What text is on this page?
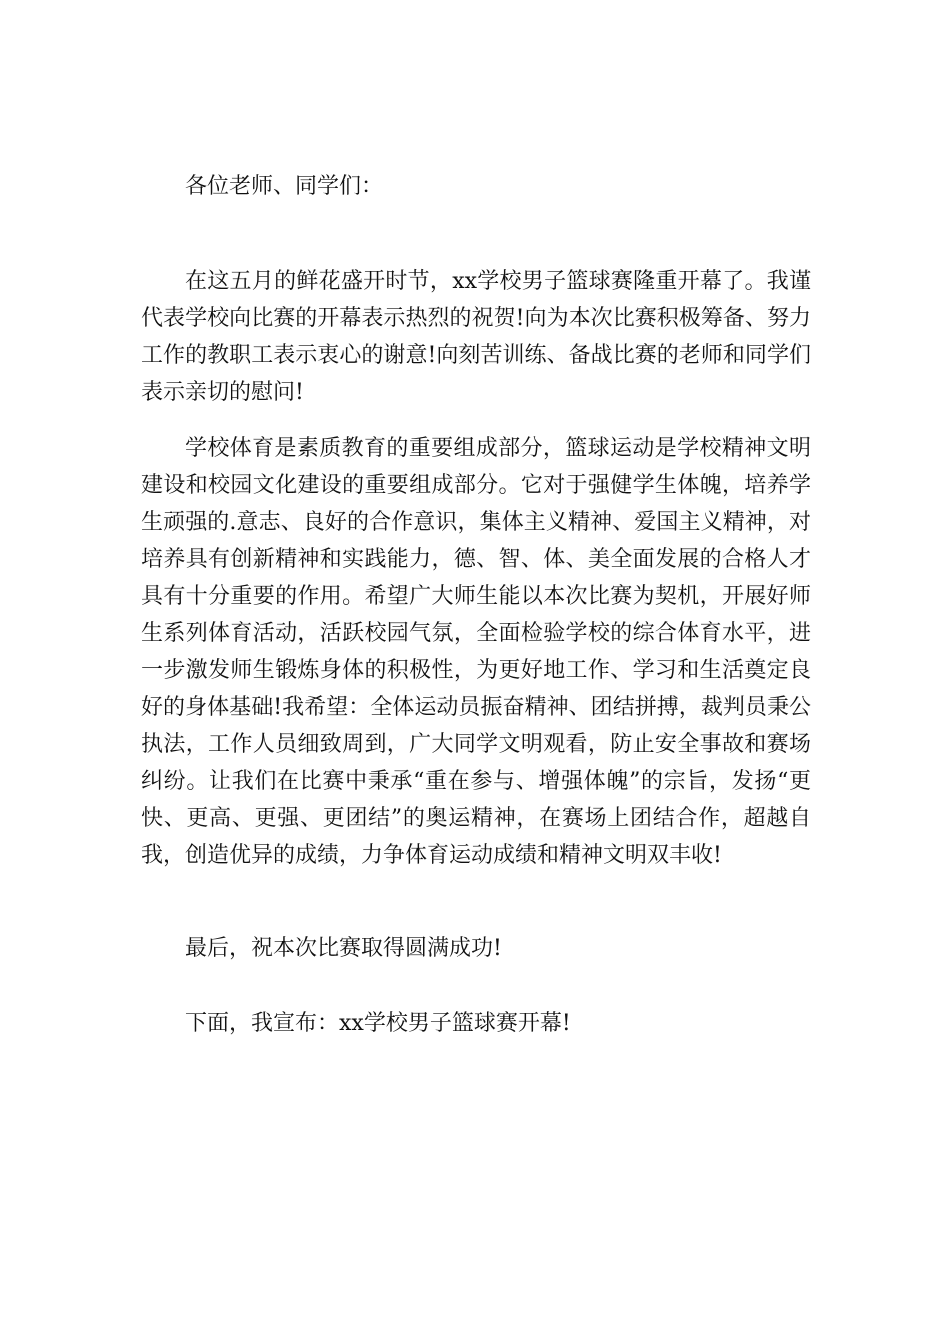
各位老师、同学们：

在这五月的鲜花盛开时节，xx学校男子篮球赛隆重开幕了。我谨代表学校向比赛的开幕表示热烈的祝贺!向为本次比赛积极筹备、努力工作的教职工表示衷心的谢意!向刻苦训练、备战比赛的老师和同学们表示亲切的慰问!

学校体育是素质教育的重要组成部分，篮球运动是学校精神文明建设和校园文化建设的重要组成部分。它对于强健学生体魄，培养学生顽强的.意志、良好的合作意识，集体主义精神、爱国主义精神，对培养具有创新精神和实践能力，德、智、体、美全面发展的合格人才具有十分重要的作用。希望广大师生能以本次比赛为契机，开展好师生系列体育活动，活跃校园气氛，全面检验学校的综合体育水平，进一步激发师生锻炼身体的积极性，为更好地工作、学习和生活奠定良好的身体基础!我希望：全体运动员振奋精神、团结拼搏，裁判员秉公执法，工作人员细致周到，广大同学文明观看，防止安全事故和赛场纠纷。让我们在比赛中秉承“重在参与、增强体魄”的宗旨，发扬“更快、更高、更强、更团结”的奥运精神，在赛场上团结合作，超越自我，创造优异的成绩，力争体育运动成绩和精神文明双丰收!

最后，祝本次比赛取得圆满成功!

下面，我宣布：xx学校男子篮球赛开幕!
